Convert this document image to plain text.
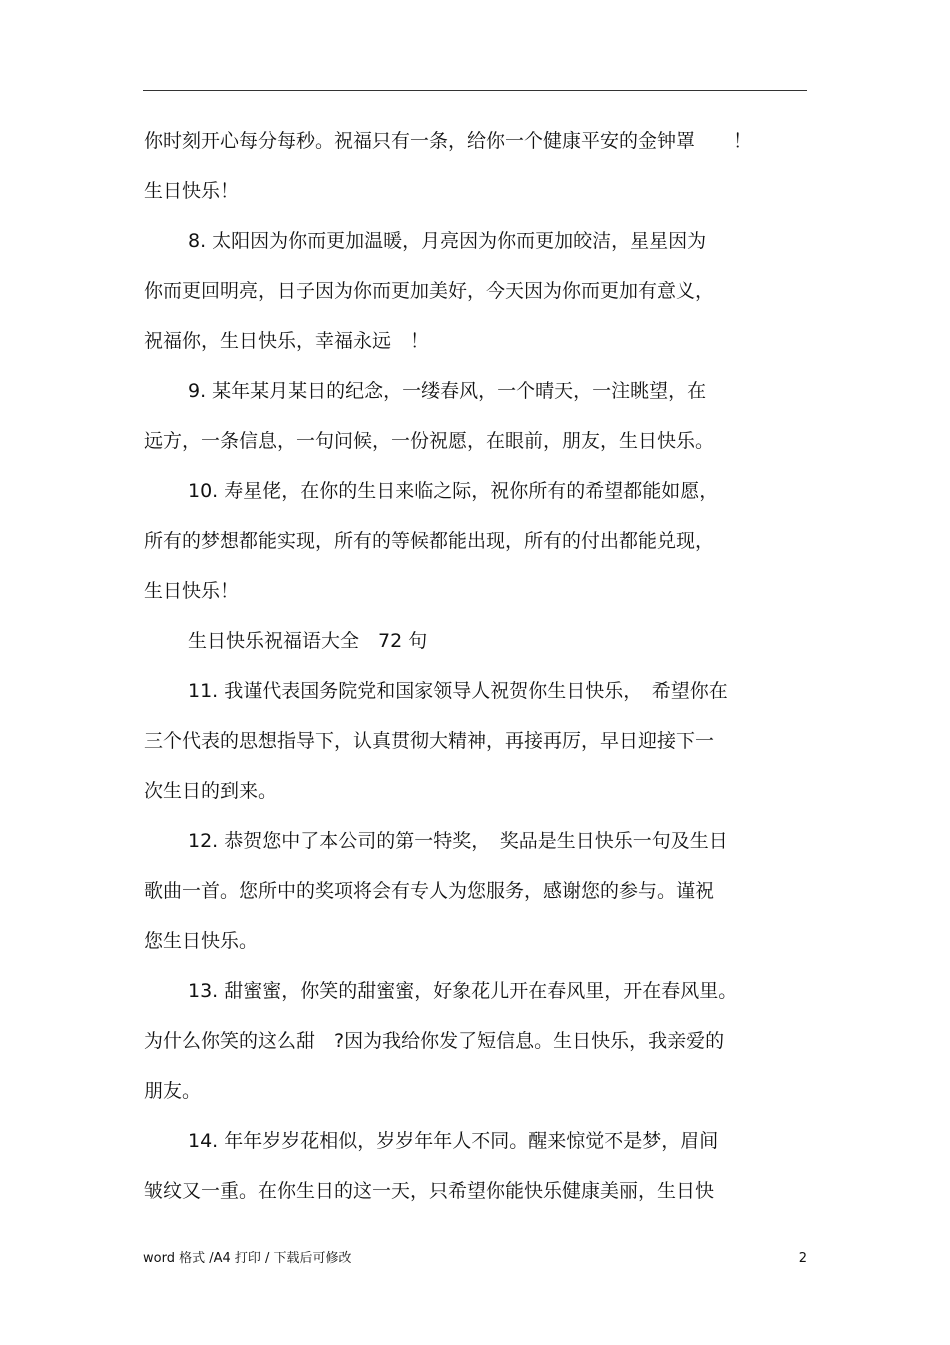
你时刻开心每分每秒。祝福只有一条，给你一个健康平安的金钟罩　　！
生日快乐！
8. 太阳因为你而更加温暖，月亮因为你而更加皎洁，星星因为
你而更回明亮，日子因为你而更加美好，今天因为你而更加有意义，
祝福你，生日快乐，幸福永远　！
9. 某年某月某日的纪念，一缕春风，一个晴天，一注眺望，在
远方，一条信息，一句问候，一份祝愿，在眼前，朋友，生日快乐。
10. 寿星佬，在你的生日来临之际，祝你所有的希望都能如愿，
所有的梦想都能实现，所有的等候都能出现，所有的付出都能兑现，
生日快乐！
生日快乐祝福语大全　72 句
11. 我谨代表国务院党和国家领导人祝贺你生日快乐，　希望你在
三个代表的思想指导下，认真贯彻大精神，再接再厉，早日迎接下一
次生日的到来。
12. 恭贺您中了本公司的第一特奖，　奖品是生日快乐一句及生日
歌曲一首。您所中的奖项将会有专人为您服务，感谢您的参与。谨祝
您生日快乐。
13. 甜蜜蜜，你笑的甜蜜蜜，好象花儿开在春风里，开在春风里。
为什么你笑的这么甜　?因为我给你发了短信息。生日快乐，我亲爱的
朋友。
14. 年年岁岁花相似，岁岁年年人不同。醒来惊觉不是梦，眉间
皱纹又一重。在你生日的这一天，只希望你能快乐健康美丽，生日快
word 格式 /A4 打印 / 下载后可修改	2
